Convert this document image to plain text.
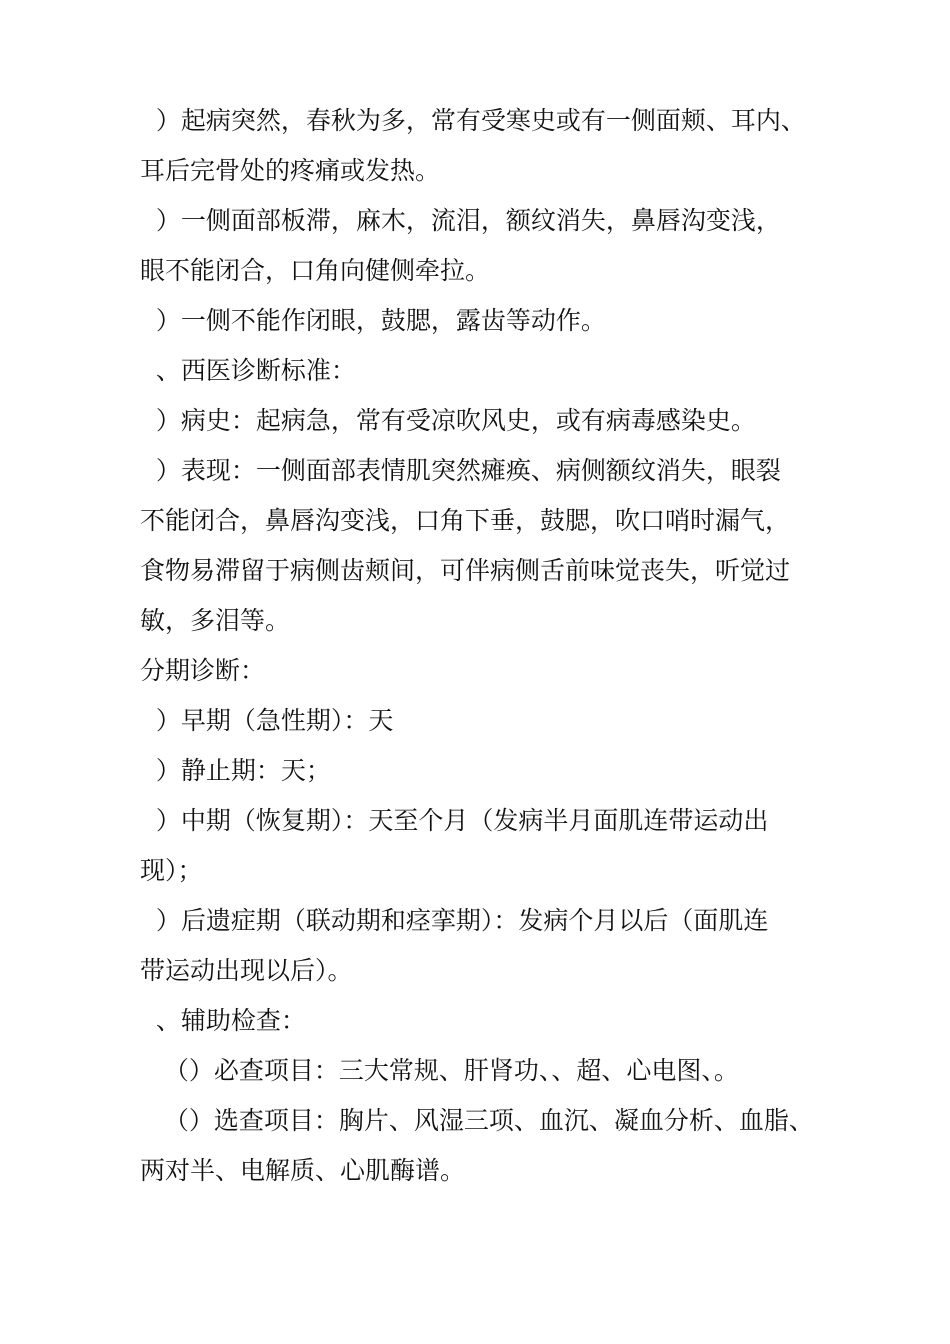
）起病突然，春秋为多，常有受寒史或有一侧面颊、耳内、
耳后完骨处的疼痛或发热。
）一侧面部板滞，麻木，流泪，额纹消失，鼻唇沟变浅，
眼不能闭合，口角向健侧牵拉。
）一侧不能作闭眼，鼓腮，露齿等动作。
、西医诊断标准：
）病史：起病急，常有受凉吹风史，或有病毒感染史。
）表现：一侧面部表情肌突然瘫痪、病侧额纹消失，眼裂
不能闭合，鼻唇沟变浅，口角下垂，鼓腮，吹口哨时漏气，
食物易滞留于病侧齿颊间，可伴病侧舌前味觉丧失，听觉过
敏，多泪等。
分期诊断：
）早期（急性期）：天
）静止期：天；
）中期（恢复期）：天至个月（发病半月面肌连带运动出
现）；
）后遗症期（联动期和痉挛期）：发病个月以后（面肌连
带运动出现以后）。
、辅助检查：
（）必查项目：三大常规、肝肾功、、超、心电图、。
（）选查项目：胸片、风湿三项、血沉、凝血分析、血脂、
两对半、电解质、心肌酶谱。
